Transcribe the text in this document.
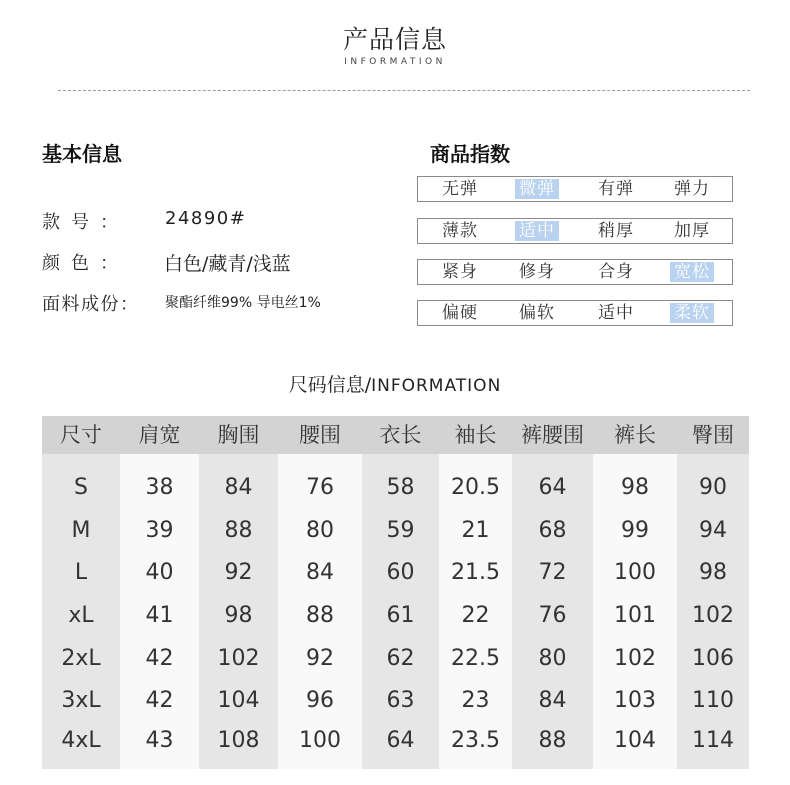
产品信息
INFORMATION
基本信息
款号： 24890#
颜色： 白色/藏青/浅蓝
面料成份： 聚酯纤维99% 导电丝1%
商品指数
无弹 微弹	有弹 弹力
薄款 适中	稍厚 加厚
紧身 修身	合身 宽松
偏硬 偏软	适中 柔软
尺码信息/INFORMATION
尺寸	肩宽	胸围	腰围	衣长	袖长	裤腰围	裤长	臀围
S	38	84	76	58	20.5	64	98	90
M	39	88	80	59	21	68	99	94
L	40	92	84	60	21.5	72	100	98
xL	41	98	88	61	22	76	101	102
2xL	42	102	92	62	22.5	80	102	106
3xL	42	104	96	63	23	84	103	110
4xL	43	108	100	64	23.5	88	104	114
